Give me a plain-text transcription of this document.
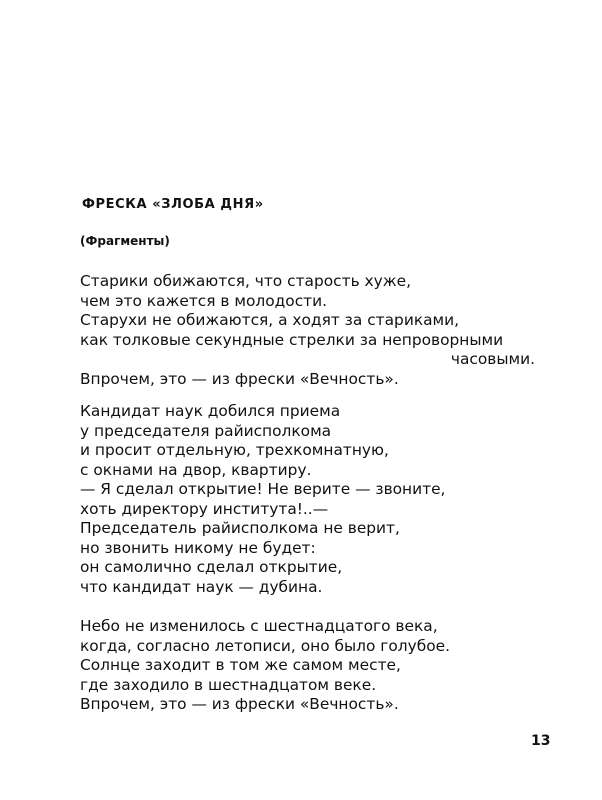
ФРЕСКА «ЗЛОБА ДНЯ»
(Фрагменты)
Старики обижаются, что старость хуже,
чем это кажется в молодости.
Старухи не обижаются, а ходят за стариками,
как толковые секундные стрелки за непроворными
часовыми.
Впрочем, это — из фрески «Вечность».
Кандидат наук добился приема
у председателя райисполкома
и просит отдельную, трехкомнатную,
с окнами на двор, квартиру.
— Я сделал открытие! Не верите — звоните,
хоть директору института!..—
Председатель райисполкома не верит,
но звонить никому не будет:
он самолично сделал открытие,
что кандидат наук — дубина.
Небо не изменилось с шестнадцатого века,
когда, согласно летописи, оно было голубое.
Солнце заходит в том же самом месте,
где заходило в шестнадцатом веке.
Впрочем, это — из фрески «Вечность».
13
